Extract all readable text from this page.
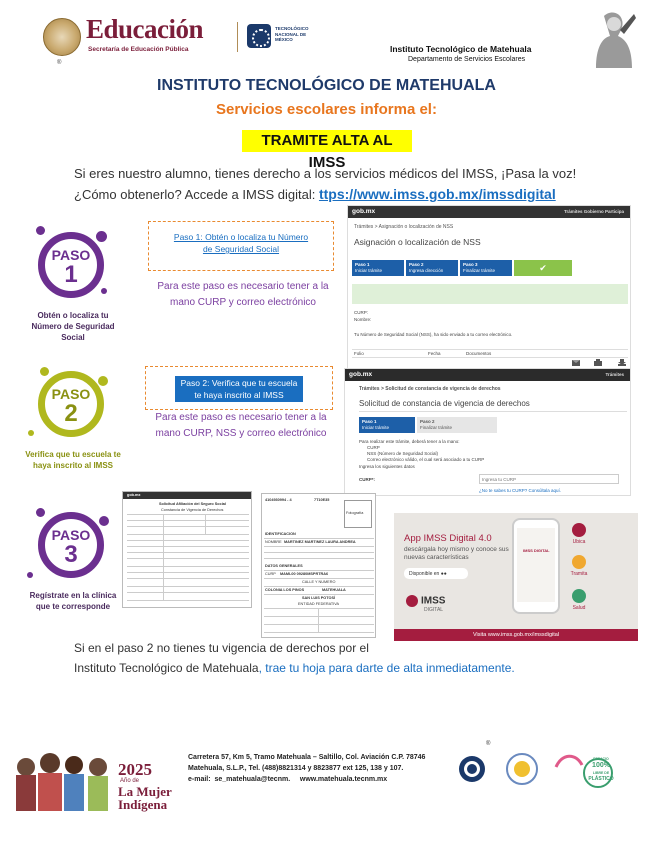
Educación
Secretaría de Educación Pública
®
TECNOLÓGICO NACIONAL DE MÉXICO
Instituto Tecnológico de Matehuala
Departamento de Servicios Escolares
INSTITUTO TECNOLÓGICO DE MATEHUALA
Servicios escolares informa el:
TRAMITE ALTA AL IMSS
Si eres nuestro alumno, tienes derecho a los servicios médicos del IMSS, ¡Pasa la voz!
¿Cómo obtenerlo? Accede a IMSS digital: ttps://www.imss.gob.mx/imssdigital
PASO
1
Obtén o localiza tu Número de Seguridad Social
Paso 1: Obtén o localiza tu Número de Seguridad Social
Para este paso es necesario tener a la mano CURP y correo electrónico
gob.mx	Trámites Gobierno Participa
Trámites > Asignación o localización de NSS
Asignación o localización de NSS
Paso 1
Iniciar trámite
Paso 2
Ingresa dirección
Paso 3
Finalizar trámite	✔
CURP:
Nombre:
Tu Número de Seguridad Social (NSS), ha sido enviado a tu correo electrónico.
Folio	Fecha	Documentos
PASO
2
Verifica que tu escuela te haya inscrito al IMSS
Paso 2: Verifica que tu escuela te haya inscrito al IMSS
Para este paso es necesario tener a la mano CURP, NSS y correo electrónico
gob.mx	Trámites
Trámites > Solicitud de constancia de vigencia de derechos
Solicitud de constancia de vigencia de derechos
Paso 1
Iniciar trámite
Paso 2
Finalizar trámite
Para realizar este trámite, deberá tener a la mano:
CURP
NSS (Número de Seguridad Social)
Correo electrónico válido, el cual será asociado a tu CURP
Ingresa los siguientes datos
CURP*:
Ingresa tu CURP
¿No te sabes tu CURP? Consúltala aquí.
PASO
3
Regístrate en la clínica que te corresponde
gob.mx
Solicitud Afiliación del Seguro Social
Constancia de Vigencia de Derechos
4104930994 - 4	7T10E35
Fotografía
IDENTIFICACION
NOMBRE MARTINEZ MARTINEZ LAURA ANDREA
DATOS GENERALES
CURP MAML00 09280MSPRTRA6
CALLE Y NUMERO
COLONIA LOS PINOS	MATEHUALA
SAN LUIS POTOSÍ
ENTIDAD FEDERATIVA
App IMSS Digital 4.0
descárgala hoy mismo y conoce sus nuevas características
Disponible en ●●
IMSS
DIGITAL
IMSS DIGITAL
Ubica
Tramita
Salud
Visita www.imss.gob.mx/imssdigital
Si en el paso 2 no tienes tu vigencia de derechos por el
Instituto Tecnológico de Matehuala, trae tu hoja para darte de alta inmediatamente.
2025
Año de
La Mujer
Indígena
Carretera 57, Km 5, Tramo Matehuala – Saltillo, Col. Aviación C.P. 78746
Matehuala, S.L.P., Tel. (488)8821314 y 8823877 ext 125, 138 y 107.
e-mail: se_matehuala@tecnm. www.matehuala.tecnm.mx
®
ESPACIO
100%
LIBRE DE
PLÁSTICO
